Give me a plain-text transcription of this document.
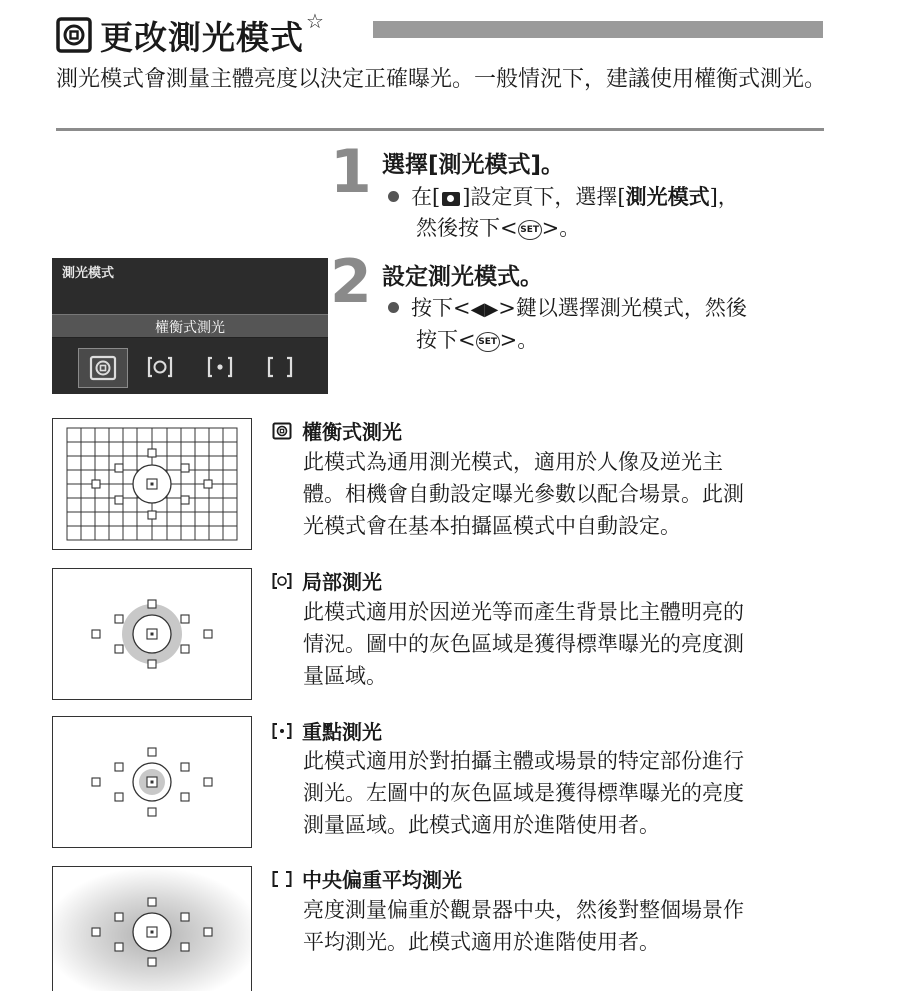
更改測光模式 ☆
測光模式會測量主體亮度以決定正確曝光。一般情況下，建議使用權衡式測光。
1 選擇[測光模式]。
在[ ]設定頁下，選擇[測光模式]，
然後按下< SET >。
2 設定測光模式。
按下<◀▶>鍵以選擇測光模式，然後
按下< SET >。
測光模式
權衡式測光
權衡式測光
此模式為通用測光模式，適用於人像及逆光主
體。相機會自動設定曝光參數以配合場景。此測
光模式會在基本拍攝區模式中自動設定。
局部測光
此模式適用於因逆光等而產生背景比主體明亮的
情況。圖中的灰色區域是獲得標準曝光的亮度測
量區域。
重點測光
此模式適用於對拍攝主體或場景的特定部份進行
測光。左圖中的灰色區域是獲得標準曝光的亮度
測量區域。此模式適用於進階使用者。
中央偏重平均測光
亮度測量偏重於觀景器中央，然後對整個場景作
平均測光。此模式適用於進階使用者。
